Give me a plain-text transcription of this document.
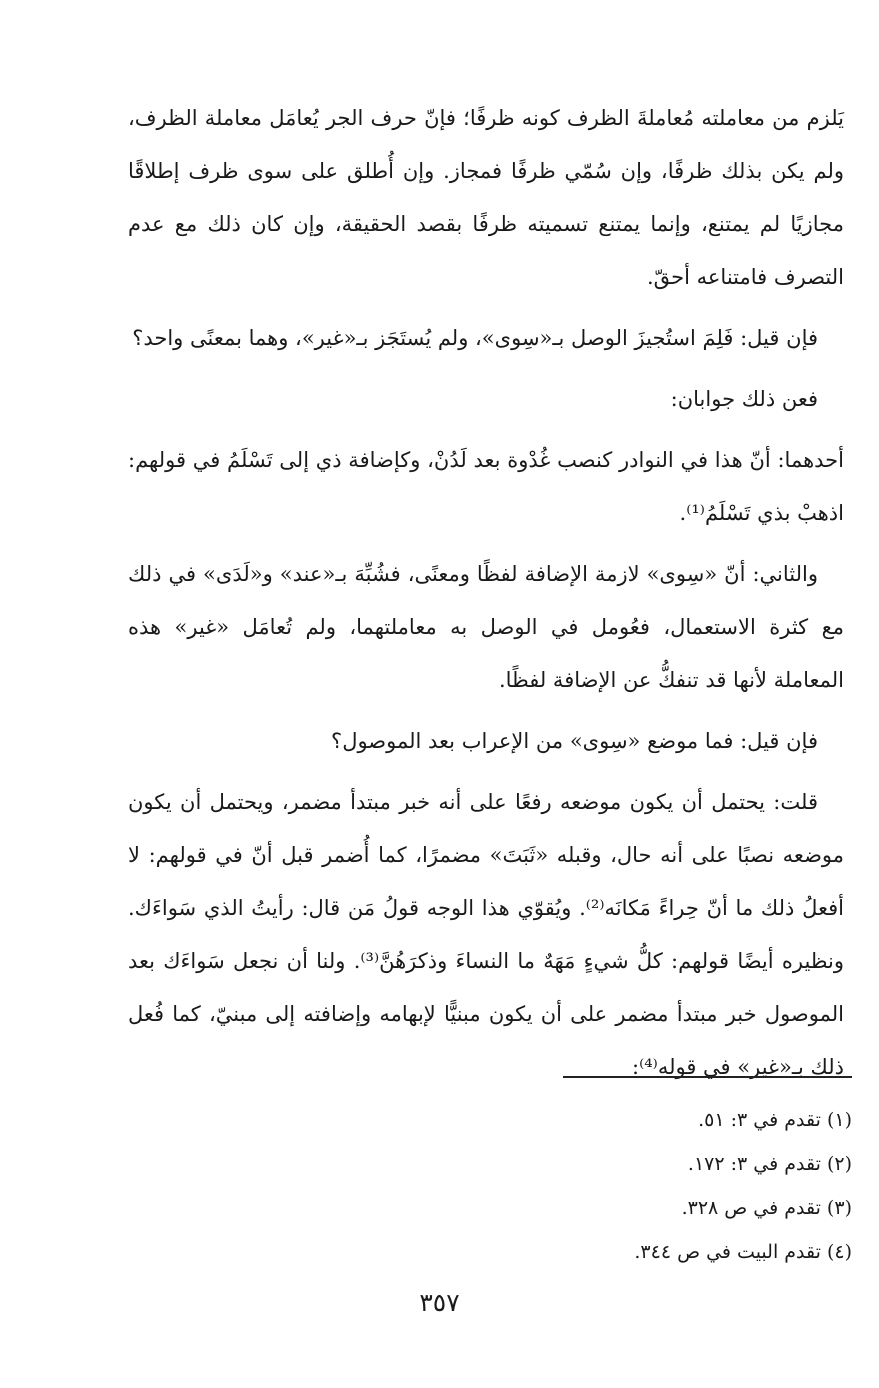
يَلزم من معاملته مُعاملةَ الظرف كونه ظرفًا؛ فإنّ حرف الجر يُعامَل معاملة الظرف، ولم يكن بذلك ظرفًا، وإن سُمّي ظرفًا فمجاز. وإن أُطلق على سوى ظرف إطلاقًا مجازيًا لم يمتنع، وإنما يمتنع تسميته ظرفًا بقصد الحقيقة، وإن كان ذلك مع عدم التصرف فامتناعه أحقّ.

فإن قيل: فَلِمَ استُجيزَ الوصل بـ«سِوى»، ولم يُستَجَز بـ«غير»، وهما بمعنًى واحد؟

فعن ذلك جوابان:

أحدهما: أنّ هذا في النوادر كنصب غُدْوة بعد لَدُنْ، وكإضافة ذي إلى تَسْلَمُ في قولهم: اذهبْ بذي تَسْلَمُ⁽¹⁾.

والثاني: أنّ «سِوى» لازمة الإضافة لفظًا ومعنًى، فشُبِّهَ بـ«عند» و«لَدَى» في ذلك مع كثرة الاستعمال، فعُومل في الوصل به معاملتهما، ولم تُعامَل «غير» هذه المعاملة لأنها قد تنفكُّ عن الإضافة لفظًا.

فإن قيل: فما موضع «سِوى» من الإعراب بعد الموصول؟

قلت: يحتمل أن يكون موضعه رفعًا على أنه خبر مبتدأ مضمر، ويحتمل أن يكون موضعه نصبًا على أنه حال، وقبله «ثَبَتَ» مضمرًا، كما أُضمر قبل أنّ في قولهم: لا أفعلُ ذلك ما أنّ حِراءً مَكانَه⁽²⁾. ويُقوّي هذا الوجه قولُ مَن قال: رأيتُ الذي سَواءَك. ونظيره أيضًا قولهم: كلُّ شيءٍ مَهَهٌ ما النساءَ وذكرَهُنَّ⁽³⁾. ولنا أن نجعل سَواءَك بعد الموصول خبر مبتدأ مضمر على أن يكون مبنيًّا لإبهامه وإضافته إلى مبنيّ، كما فُعل ذلك بـ«غير» في قوله⁽⁴⁾:

(١) تقدم في ٣: ٥١.
(٢) تقدم في ٣: ١٧٢.
(٣) تقدم في ص ٣٢٨.
(٤) تقدم البيت في ص ٣٤٤.
٣٥٧
